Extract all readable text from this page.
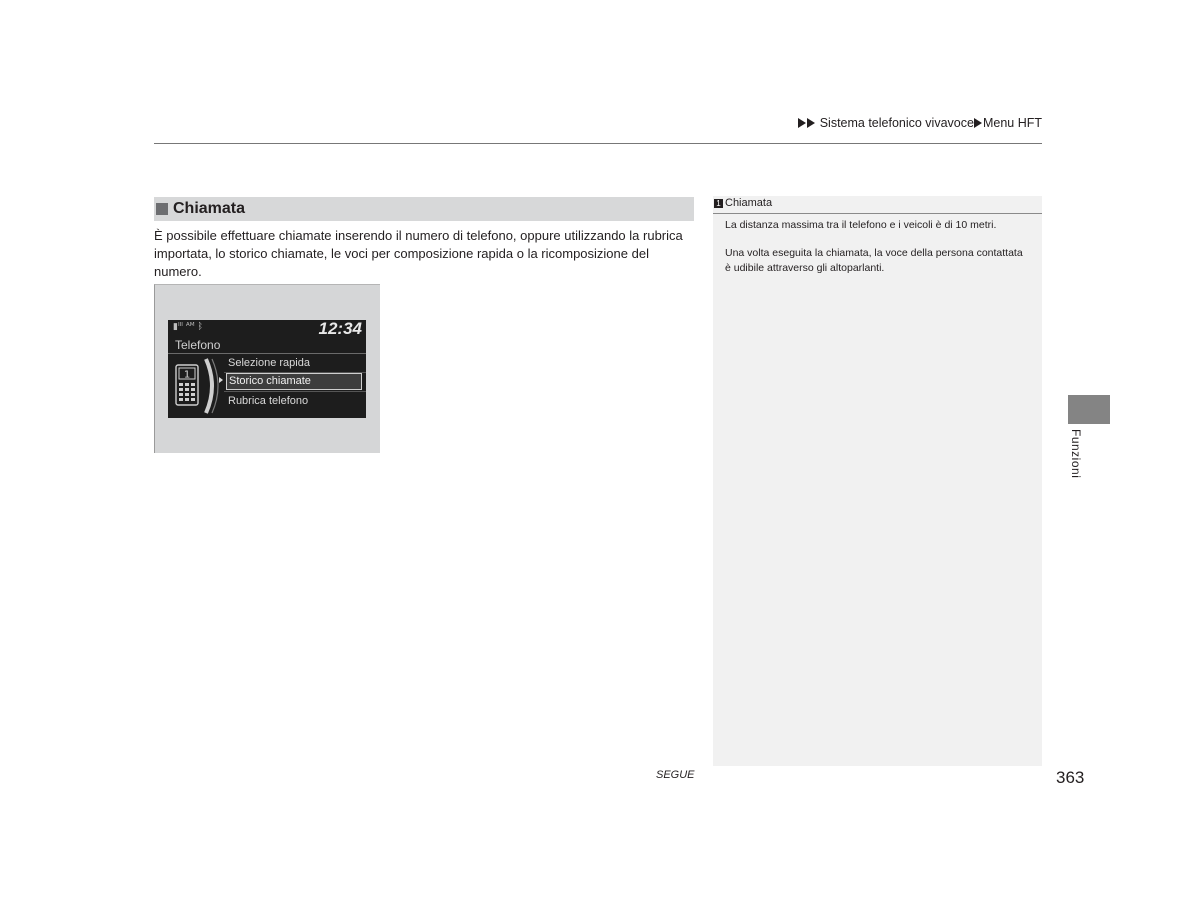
Sistema telefonico vivavoce Menu HFT
Chiamata
È possibile effettuare chiamate inserendo il numero di telefono, oppure utilizzando la rubrica importata, lo storico chiamate, le voci per composizione rapida o la ricomposizione del numero.
▮ᴵᴵᴵ ᴬᴹ ᛒ	12:34
Telefono
1
Selezione rapida
Storico chiamate
Rubrica telefono
1 Chiamata
La distanza massima tra il telefono e i veicoli è di 10 metri.
Una volta eseguita la chiamata, la voce della persona contattata è udibile attraverso gli altoparlanti.
Funzioni
SEGUE	363
